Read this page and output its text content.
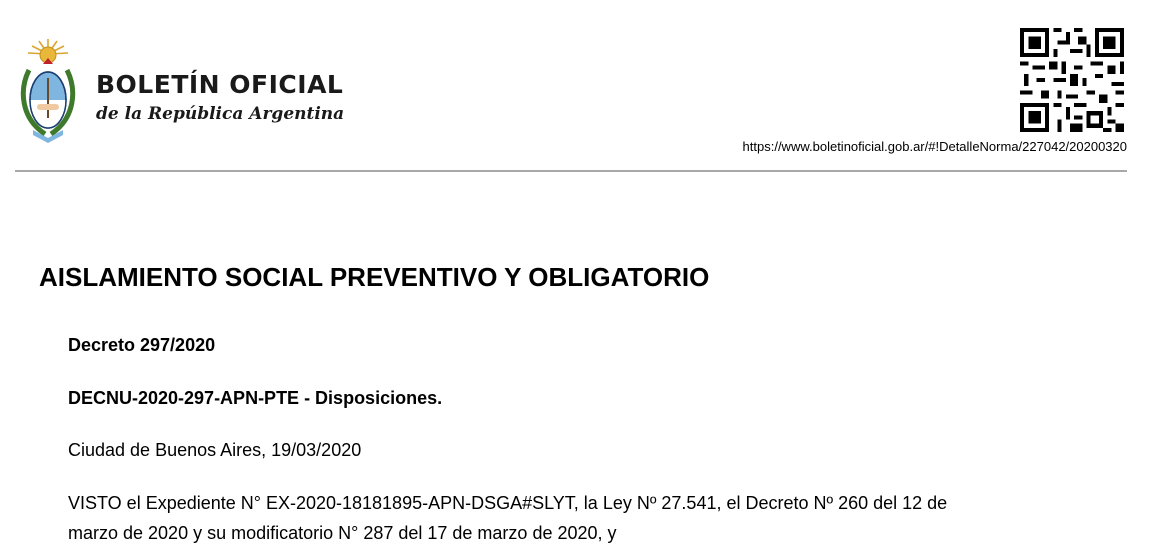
BOLETÍN OFICIAL
de la República Argentina
https://www.boletinoficial.gob.ar/#!DetalleNorma/227042/20200320
AISLAMIENTO SOCIAL PREVENTIVO Y OBLIGATORIO
Decreto 297/2020
DECNU-2020-297-APN-PTE - Disposiciones.
Ciudad de Buenos Aires, 19/03/2020
VISTO el Expediente N° EX-2020-18181895-APN-DSGA#SLYT, la Ley Nº 27.541, el Decreto Nº 260 del 12 de
marzo de 2020 y su modificatorio N° 287 del 17 de marzo de 2020, y
